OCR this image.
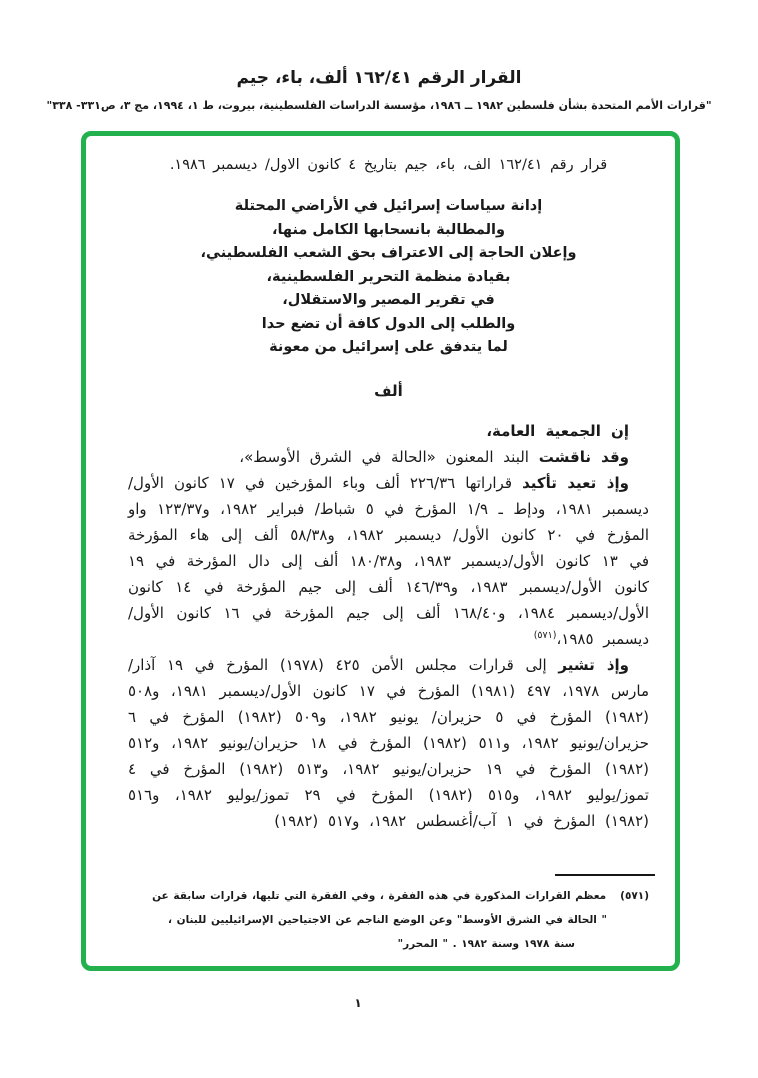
القرار الرقم ١٦٢/٤١ ألف، باء، جيم
"قرارات الأمم المتحدة بشأن فلسطين ١٩٨٢ ــ ١٩٨٦، مؤسسة الدراسات الفلسطينية، بيروت، ط ١، ١٩٩٤، مج ٣، ص٣٣١- ٣٣٨"

قرار رقم ١٦٢/٤١ الف، باء، جيم بتاريخ ٤ كانون الاول/ ديسمبر ١٩٨٦.

إدانة سياسات إسرائيل في الأراضي المحتلة
والمطالبة بانسحابها الكامل منها،
وإعلان الحاجة إلى الاعتراف بحق الشعب الفلسطيني،
بقيادة منظمة التحرير الفلسطينية،
في تقرير المصير والاستقلال،
والطلب إلى الدول كافة أن تضع حدا
لما يتدفق على إسرائيل من معونة
ألف

إن الجمعية العامة،

وقد ناقشت البند المعنون «الحالة في الشرق الأوسط»،

وإذ تعيد تأكيد قراراتها ٢٢٦/٣٦ ألف وباء المؤرخين في ١٧ كانون الأول/ديسمبر ١٩٨١، ودإط ـ ١/٩ المؤرخ في ٥ شباط/ فبراير ١٩٨٢، و١٢٣/٣٧ واو المؤرخ في ٢٠ كانون الأول/ ديسمبر ١٩٨٢، و٥٨/٣٨ ألف إلى هاء المؤرخة في ١٣ كانون الأول/ديسمبر ١٩٨٣، و١٨٠/٣٨ ألف إلى دال المؤرخة في ١٩ كانون الأول/ديسمبر ١٩٨٣، و١٤٦/٣٩ ألف إلى جيم المؤرخة في ١٤ كانون الأول/ديسمبر ١٩٨٤، و١٦٨/٤٠ ألف إلى جيم المؤرخة في ١٦ كانون الأول/ديسمبر ١٩٨٥،$^{(٥٧١)}$

وإذ تشير إلى قرارات مجلس الأمن ٤٢٥ (١٩٧٨) المؤرخ في ١٩ آذار/مارس ١٩٧٨، ٤٩٧ (١٩٨١) المؤرخ في ١٧ كانون الأول/ديسمبر ١٩٨١، و٥٠٨ (١٩٨٢) المؤرخ في ٥ حزيران/ يونيو ١٩٨٢، و٥٠٩ (١٩٨٢) المؤرخ في ٦ حزيران/يونيو ١٩٨٢، و٥١١ (١٩٨٢) المؤرخ في ١٨ حزيران/يونيو ١٩٨٢، و٥١٢ (١٩٨٢) المؤرخ في ١٩ حزيران/يونيو ١٩٨٢، و٥١٣ (١٩٨٢) المؤرخ في ٤ تموز/يوليو ١٩٨٢، و٥١٥ (١٩٨٢) المؤرخ في ٢٩ تموز/يوليو ١٩٨٢، و٥١٦ (١٩٨٢) المؤرخ في ١ آب/أغسطس ١٩٨٢، و٥١٧ (١٩٨٢)

(٥٧١)معظم القرارات المذكورة في هذه الفقرة ، وفي الفقرة التي تليها، قرارات سابقة عن
" الحالة في الشرق الأوسط" وعن الوضع الناجم عن الاجتياحين الإسرائيليين للبنان ،
سنة ١٩٧٨ وسنة ١٩٨٢ . " المحرر"
١
